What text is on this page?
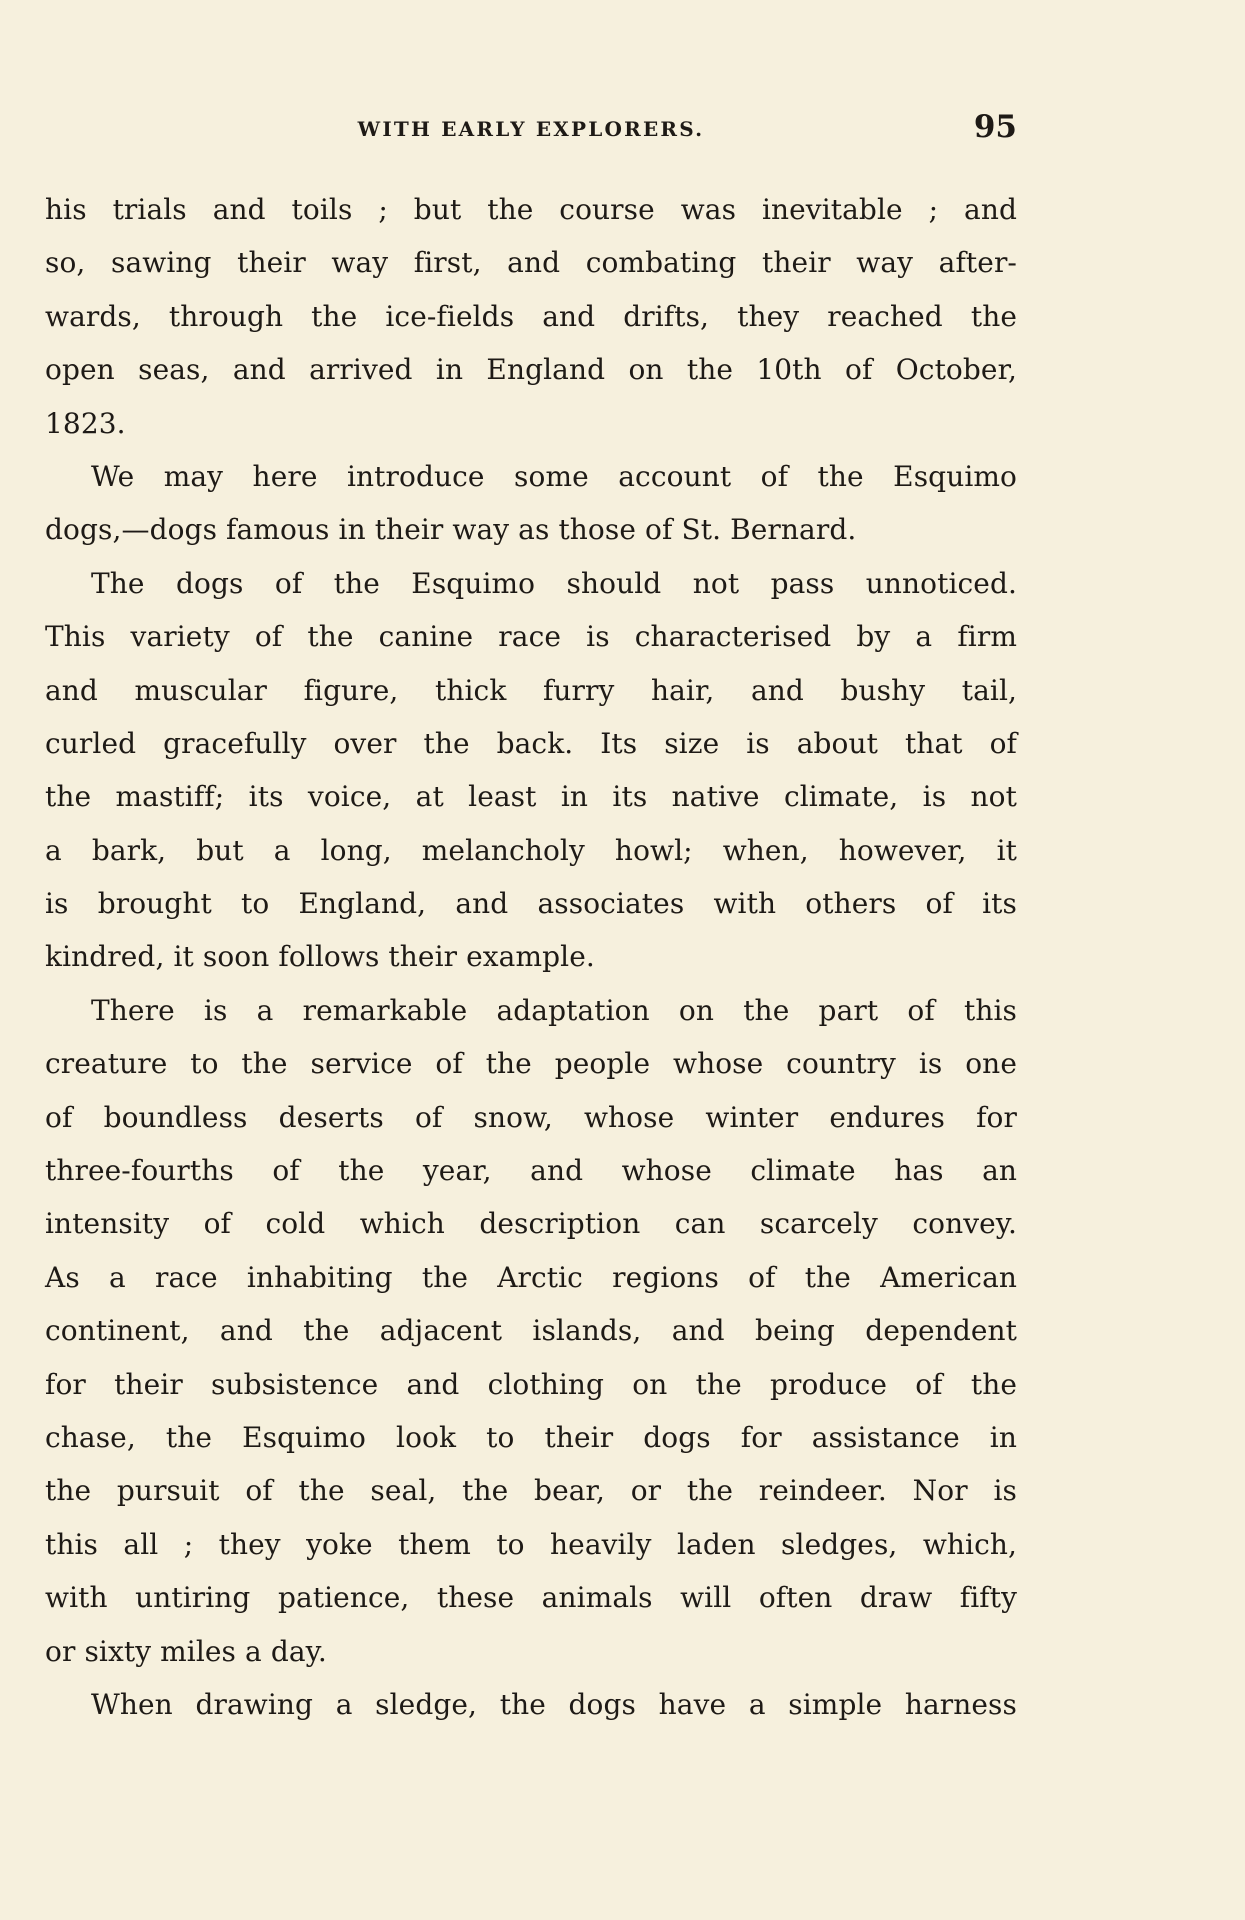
WITH EARLY EXPLORERS.	95
his trials and toils ; but the course was inevitable ; and
so, sawing their way first, and combating their way after-
wards, through the ice-fields and drifts, they reached the
open seas, and arrived in England on the 10th of October,
1823.
We may here introduce some account of the Esquimo
dogs,—dogs famous in their way as those of St. Bernard.
The dogs of the Esquimo should not pass unnoticed.
This variety of the canine race is characterised by a firm
and muscular figure, thick furry hair, and bushy tail,
curled gracefully over the back. Its size is about that of
the mastiff; its voice, at least in its native climate, is not
a bark, but a long, melancholy howl; when, however, it
is brought to England, and associates with others of its
kindred, it soon follows their example.
There is a remarkable adaptation on the part of this
creature to the service of the people whose country is one
of boundless deserts of snow, whose winter endures for
three-fourths of the year, and whose climate has an
intensity of cold which description can scarcely convey.
As a race inhabiting the Arctic regions of the American
continent, and the adjacent islands, and being dependent
for their subsistence and clothing on the produce of the
chase, the Esquimo look to their dogs for assistance in
the pursuit of the seal, the bear, or the reindeer. Nor is
this all ; they yoke them to heavily laden sledges, which,
with untiring patience, these animals will often draw fifty
or sixty miles a day.
When drawing a sledge, the dogs have a simple harness
